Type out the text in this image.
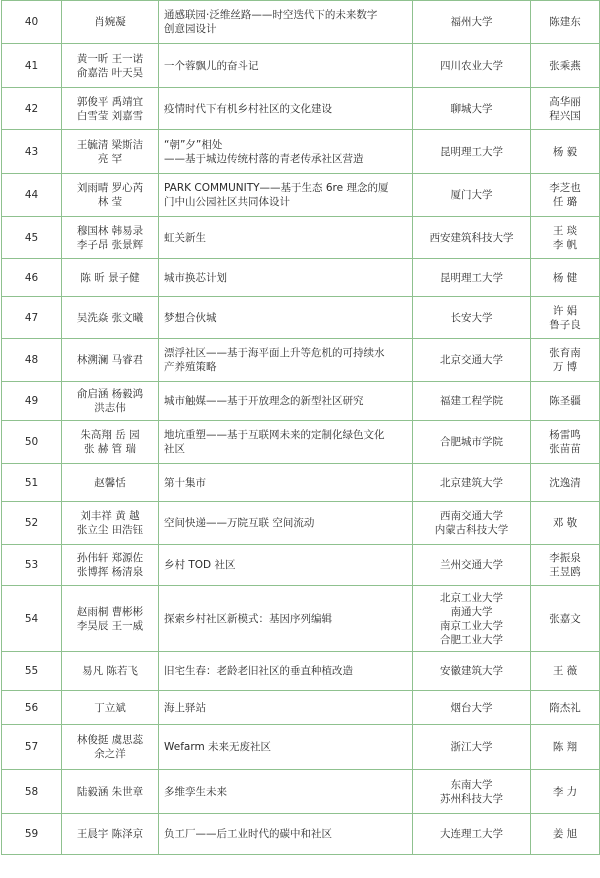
40	肖婉凝	通感联园·泛维丝路——时空迭代下的未来数字
创意园设计	福州大学	陈建东

41	黄一昕 王一诺
俞嘉浩 叶天昊	一个蓉飘儿的奋斗记	四川农业大学	张乘燕

42	郭俊平 禹靖宜
白雪莹 刘嘉雪	疫情时代下有机乡村社区的文化建设	聊城大学	高华丽
程兴国

43	王毓清 梁斯洁
亮 罕	“朝”夕”相处
——基于城边传统村落的青老传承社区营造	昆明理工大学	杨 毅

44	刘雨晴 罗心芮
林 莹	PARK COMMUNITY——基于生态 6re 理念的厦
门中山公园社区共同体设计	厦门大学	李芝也
任 璐

45	穆国林 韩易录
李子昂 张景辉	虹关新生	西安建筑科技大学	王 琰
李 帆

46	陈 昕 景子健	城市换芯计划	昆明理工大学	杨 健

47	吴洗焱 张文曦	梦想合伙城	长安大学	许 娟
鲁子良

48	林溯澜 马睿君	漂浮社区——基于海平面上升等危机的可持续水
产养殖策略	北京交通大学	张育南
万 博

49	俞启涵 杨毅鸿
洪志伟	城市触媒——基于开放理念的新型社区研究	福建工程学院	陈圣疆

50	朱高翔 岳 园
张 赫 管 瑞	地坑重塑——基于互联网未来的定制化绿色文化
社区	合肥城市学院	杨雷鸣
张苗苗

51	赵馨恬	第十集市	北京建筑大学	沈逸清

52	刘丰祥 黄 越
张立尘 田浩钰	空间快递——万院互联 空间流动	西南交通大学
内蒙古科技大学	邓 敬

53	孙伟轩 郑源佐
张博挥 杨清泉	乡村 TOD 社区	兰州交通大学	李振泉
王昱鸥

54	赵雨桐 曹彬彬
李昊辰 王一威	探索乡村社区新模式：基因序列编辑	北京工业大学
南通大学
南京工业大学
合肥工业大学	张嘉文

55	易凡 陈若飞	旧宅生春：老龄老旧社区的垂直种植改造	安徽建筑大学	王 薇

56	丁立斌	海上驿站	烟台大学	隋杰礼

57	林俊挺 虞思蕊
余之洋	Wefarm 未来无废社区	浙江大学	陈 翔

58	陆毅涵 朱世章	多维孪生未来	东南大学
苏州科技大学	李 力

59	王晨宇 陈泽京	负工厂——后工业时代的碳中和社区	大连理工大学	姜 旭
